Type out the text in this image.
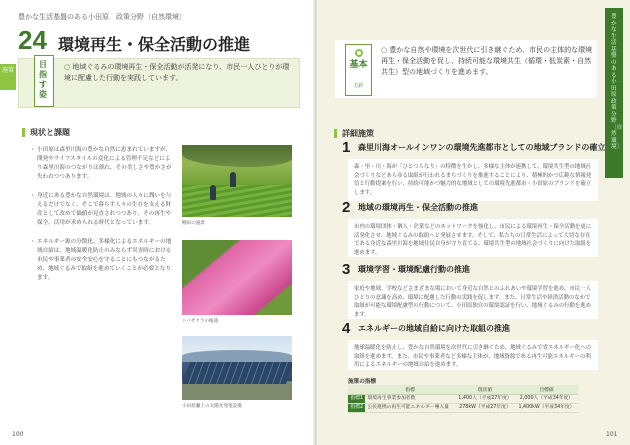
豊かな生活基盤のある小田原　政策分野〔自然環境〕
施策
24 環境再生・保全活動の推進
目指す姿
○ 地域ぐるみの環境再生・保全活動が活発になり、市民一人ひとりが環境に配慮した行動を実践しています。
現状と課題
・ 小田原は森里川海の豊かな自然に恵まれていますが、開発やライフスタイルの変化による管理不足などにより森里川海のつながりは薄れ、その美しさや豊かさが失われつつあります。
・ 身近にある豊かな自然環境は、地域の人々に潤いを与えるだけでなく、そこで暮らす人々の生存を支える財産として改めて価値が見直されつつあり、その再生や保全、活用が求められる時代となっています。
・ エネルギー源の分散化、多様化によるエネルギーの地域自給は、地域温暖化防止のみならず災害時における市民や事業者の安全安心を守ることにもつながるため、地域ぐるみで取組を進めていくことが必要となります。
棚田の風景
シバザクラの植栽
小田原瀬上の太陽光発電設備
100
豊かな生活基盤のある小田原　政策分野〔自然環境〕
基本
方針
○ 豊かな自然や環境を次世代に引き継ぐため、市民の主体的な環境再生・保全活動を促し、持続可能な環境共生（循環・低炭素・自然共生）型の地域づくりを進めます。
詳細施策
1 森里川海オールインワンの環境先進都市としての地域ブランドの確立
森・里・川・海が「ひとつらなり」の特徴を生かし、多様な主体が連携して、環境共生型の地域社会づくりなどあらゆる取組が行われるまちづくりを推進することにより、積極的かつ広範な情報発信と行動提案を行い、持続可能かつ魅力的な地域としての環境先進都市・小田原のブランドを確立します。
2 地域の環境再生・保全活動の推進
市内の環境団体・個人・企業などのネットワークを強化し、市民による環境再生・保全活動を更に活発化させ、地域ぐるみの取組へと発展させます。そして、私たちの日常生活によって大切な存在である身近な森里川海を地域住民自身が守り育てる、環境共生型の地域社会づくりに向けた取組を進めます。
3 環境学習・環境配慮行動の推進
家庭や地域、学校などさまざまな場において身近な自然とのふれあいや環境学習を進め、市民一人ひとりの意識を高め、環境に配慮した行動の実践を促します。また、日常生活や経済活動のなかで取組が可能な環境配慮型の行動について、小田原独自の環境認証を行い、地域ぐるみの行動を進めます。
4 エネルギーの地域自給に向けた取組の推進
地球温暖化を防止し、豊かな自然環境を次世代に引き継ぐため、地域ぐるみで省エネルギー化への取組を進めます。また、市民や事業者など多様な主体が、地域資源である再生可能エネルギーの利用によるエネルギーの地域自給を進めます。
施策の指標
	指標	現状値	目標値
指標1	環境再生事業参加者数	1,400人（平成27年度）	2,000人（平成34年度）
指標2	公民連携の再生可能エネルギー導入量	278kW（平成27年度）	1,400kW（平成34年度）
101
